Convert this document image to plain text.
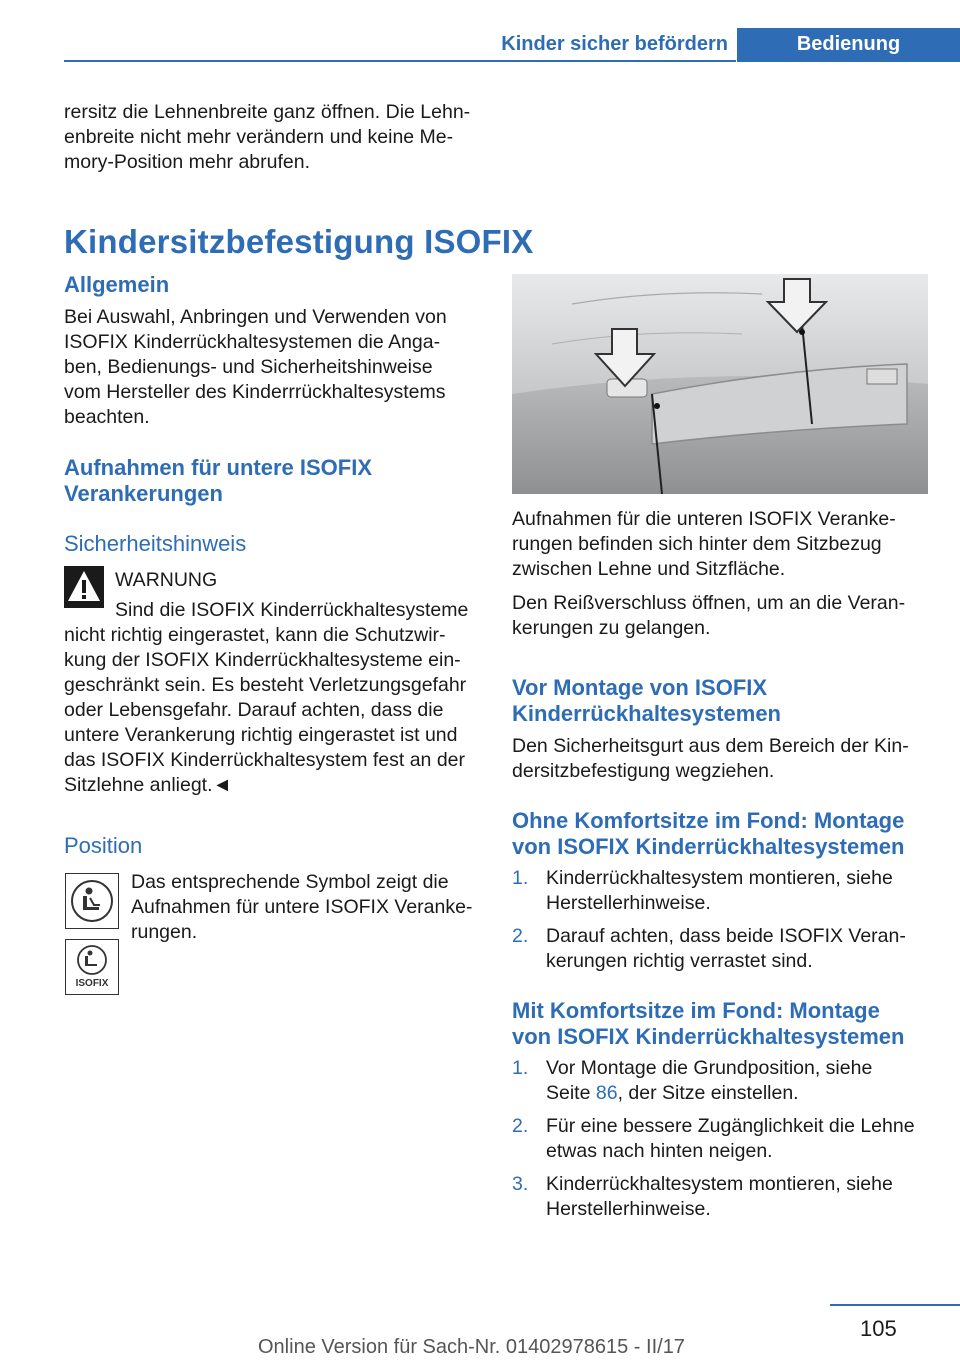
Kinder sicher befördern	Bedienung

rersitz die Lehnenbreite ganz öffnen. Die Lehn‐

enbreite nicht mehr verändern und keine Me‐

mory-Position mehr abrufen.

Kindersitzbefestigung ISOFIX
Allgemein

Bei Auswahl, Anbringen und Verwenden von

ISOFIX Kinderrückhaltesystemen die Anga‐

ben, Bedienungs- und Sicherheitshinweise

vom Hersteller des Kinderrrückhaltesystems

beachten.

Aufnahmen für untere ISOFIX
Verankerungen
Sicherheitshinweis
WARNUNG

Sind die ISOFIX Kinderrückhaltesysteme

nicht richtig eingerastet, kann die Schutzwir‐

kung der ISOFIX Kinderrückhaltesysteme ein‐

geschränkt sein. Es besteht Verletzungsgefahr

oder Lebensgefahr. Darauf achten, dass die

untere Verankerung richtig eingerastet ist und

das ISOFIX Kinderrückhaltesystem fest an der

Sitzlehne anliegt.◄

Position
ISOFIX

Das entsprechende Symbol zeigt die

Aufnahmen für untere ISOFIX Veranke‐

rungen.

Aufnahmen für die unteren ISOFIX Veranke‐

rungen befinden sich hinter dem Sitzbezug

zwischen Lehne und Sitzfläche.

Den Reißverschluss öffnen, um an die Veran‐

kerungen zu gelangen.

Vor Montage von ISOFIX
Kinderrückhaltesystemen

Den Sicherheitsgurt aus dem Bereich der Kin‐

dersitzbefestigung wegziehen.

Ohne Komfortsitze im Fond: Montage
von ISOFIX Kinderrückhaltesystemen
1. Kinderrückhaltesystem montieren, siehe
Herstellerhinweise.
2. Darauf achten, dass beide ISOFIX Veran‐
kerungen richtig verrastet sind.
Mit Komfortsitze im Fond: Montage
von ISOFIX Kinderrückhaltesystemen
1. Vor Montage die Grundposition, siehe
Seite 86, der Sitze einstellen.
2. Für eine bessere Zugänglichkeit die Lehne
etwas nach hinten neigen.
3. Kinderrückhaltesystem montieren, siehe
Herstellerhinweise.
105
Online Version für Sach-Nr. 01402978615 - II/17
